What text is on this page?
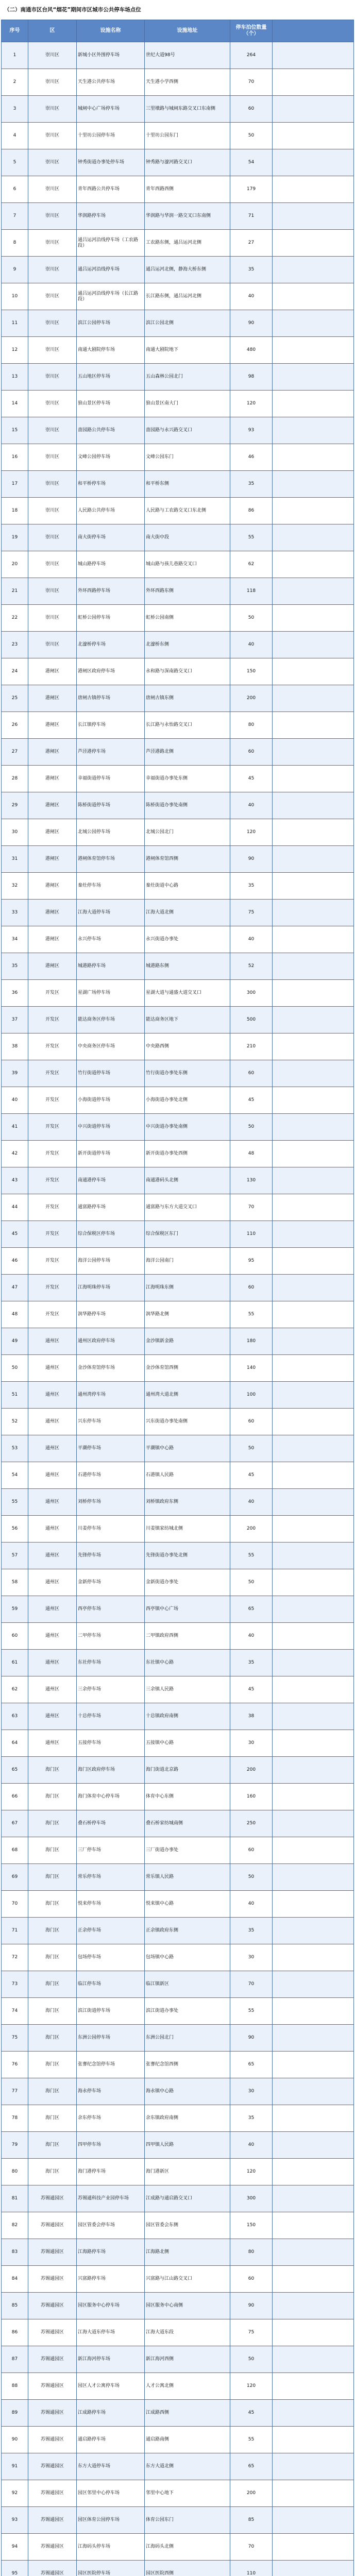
（二）南通市区台风“烟花”期间市区城市公共停车场点位
序号	区	设施名称	设施地址	停车泊位数量（个）	
1	崇川区	新城小区外围停车场	世纪大道98号	264	
2	崇川区	天生港公共停车场	天生港小学西侧	70	
3	崇川区	城闸中心广场停车场	三里墩路与城闸东路交叉口东南侧	60	
4	崇川区	十里坊公园停车场	十里坊公园东门	50	
5	崇川区	钟秀街道办事处停车场	钟秀路与濠河路交叉口	54	
6	崇川区	青年西路公共停车场	青年西路西侧	179	
7	崇川区	华润路停车场	华润路与华润一路交叉口东南侧	71	
8	崇川区	通吕运河沿线停车场（工农路段）	工农路东侧，通吕运河北侧	27	
9	崇川区	通吕运河沿线停车场	通吕运河北侧，静海大桥东侧	35	
10	崇川区	通吕运河沿线停车场（长江路段）	长江路东侧，通吕运河北侧	40	
11	崇川区	滨江公园停车场	滨江公园北侧	90	
12	崇川区	南通大剧院停车场	南通大剧院地下	480	
13	崇川区	五山地区停车场	五山森林公园北门	98	
14	崇川区	狼山景区停车场	狼山景区南大门	120	
15	崇川区	啬园路公共停车场	啬园路与永兴路交叉口	93	
16	崇川区	文峰公园停车场	文峰公园东门	46	
17	崇川区	和平桥停车场	和平桥东侧	35	
18	崇川区	人民路公共停车场	人民路与工农路交叉口东北侧	86	
19	崇川区	南大街停车场	南大街中段	55	
20	崇川区	城山路停车场	城山路与孩儿巷路交叉口	62	
21	崇川区	外环西路停车场	外环西路东侧	118	
22	崇川区	虹桥公园停车场	虹桥公园南侧	50	
23	崇川区	北濠桥停车场	北濠桥东侧	40	
24	港闸区	港闸区政府停车场	永和路与深南路交叉口	150	
25	港闸区	唐闸古镇停车场	唐闸古镇东侧	200	
26	港闸区	长江镇停车场	长江路与永怡路交叉口	80	
27	港闸区	芦泾港停车场	芦泾港路北侧	60	
28	港闸区	幸福街道停车场	幸福街道办事处东侧	45	
29	港闸区	陈桥街道停车场	陈桥街道办事处南侧	40	
30	港闸区	北城公园停车场	北城公园北门	120	
31	港闸区	港闸体育馆停车场	港闸体育馆西侧	90	
32	港闸区	秦灶停车场	秦灶街道中心路	35	
33	港闸区	江海大道停车场	江海大道北侧	75	
34	港闸区	永兴停车场	永兴街道办事处	40	
35	港闸区	城港路停车场	城港路东侧	52	
36	开发区	星湖广场停车场	星湖大道与通盛大道交叉口	300	
37	开发区	能达商务区停车场	能达商务区地下	500	
38	开发区	中央商务区停车场	中央路西侧	210	
39	开发区	竹行街道停车场	竹行街道办事处东侧	60	
40	开发区	小海街道停车场	小海街道办事处北侧	45	
41	开发区	中兴街道停车场	中兴街道办事处南侧	50	
42	开发区	新开街道停车场	新开街道办事处西侧	48	
43	开发区	南通港停车场	南通港码头北侧	130	
44	开发区	通富路停车场	通富路与东方大道交叉口	70	
45	开发区	综合保税区停车场	综合保税区东门	110	
46	开发区	海洋公园停车场	海洋公园南门	95	
47	开发区	江海明珠停车场	江海明珠东侧	60	
48	开发区	润华路停车场	润华路北侧	55	
49	通州区	通州区政府停车场	金沙镇新金路	180	
50	通州区	金沙体育馆停车场	金沙体育馆西侧	140	
51	通州区	通州湾停车场	通州湾大道北侧	100	
52	通州区	兴东停车场	兴东街道办事处南侧	60	
53	通州区	平潮停车场	平潮镇中心路	50	
54	通州区	石港停车场	石港镇人民路	45	
55	通州区	刘桥停车场	刘桥镇政府东侧	40	
56	通州区	川姜停车场	川姜镇家纺城北侧	200	
57	通州区	先锋停车场	先锋街道办事处北侧	55	
58	通州区	金新停车场	金新街道办事处	50	
59	通州区	西亭停车场	西亭镇中心广场	65	
60	通州区	二甲停车场	二甲镇政府西侧	40	
61	通州区	东社停车场	东社镇中心路	35	
62	通州区	三余停车场	三余镇人民路	45	
63	通州区	十总停车场	十总镇政府南侧	38	
64	通州区	五接停车场	五接镇中心路	30	
65	海门区	海门区政府停车场	海门街道北京路	200	
66	海门区	海门体育中心停车场	体育中心东侧	160	
67	海门区	叠石桥停车场	叠石桥家纺城南侧	250	
68	海门区	三厂停车场	三厂街道办事处	60	
69	海门区	常乐停车场	常乐镇人民路	50	
70	海门区	悦来停车场	悦来镇中心路	40	
71	海门区	正余停车场	正余镇政府东侧	35	
72	海门区	包场停车场	包场镇中心路	30	
73	海门区	临江停车场	临江镇新区	70	
74	海门区	滨江街道停车场	滨江街道办事处	55	
75	海门区	东洲公园停车场	东洲公园北门	90	
76	海门区	张謇纪念馆停车场	张謇纪念馆西侧	65	
77	海门区	海永停车场	海永镇中心路	30	
78	海门区	余东停车场	余东镇政府南侧	35	
79	海门区	四甲停车场	四甲镇人民路	40	
80	海门区	海门港停车场	海门港新区	120	
81	苏锡通园区	苏锡通科技产业园停车场	江成路与通启路交叉口	300	
82	苏锡通园区	园区管委会停车场	园区管委会东侧	150	
83	苏锡通园区	江海路停车场	江海路北侧	80	
84	苏锡通园区	兴富路停车场	兴富路与江山路交叉口	60	
85	苏锡通园区	园区服务中心停车场	园区服务中心南侧	90	
86	苏锡通园区	江海大道东停车场	江海大道东段	75	
87	苏锡通园区	新江海河停车场	新江海河西侧	50	
88	苏锡通园区	园区人才公寓停车场	人才公寓北侧	120	
89	苏锡通园区	江成路停车场	江成路西侧	45	
90	苏锡通园区	通启路停车场	通启路南侧	55	
91	苏锡通园区	东方大道停车场	东方大道北侧	65	
92	苏锡通园区	园区邻里中心停车场	邻里中心地下	200	
93	苏锡通园区	园区体育公园停车场	体育公园东门	85	
94	苏锡通园区	江海码头停车场	江海码头北侧	70	
95	苏锡通园区	园区医院停车场	园区医院西侧	110	
